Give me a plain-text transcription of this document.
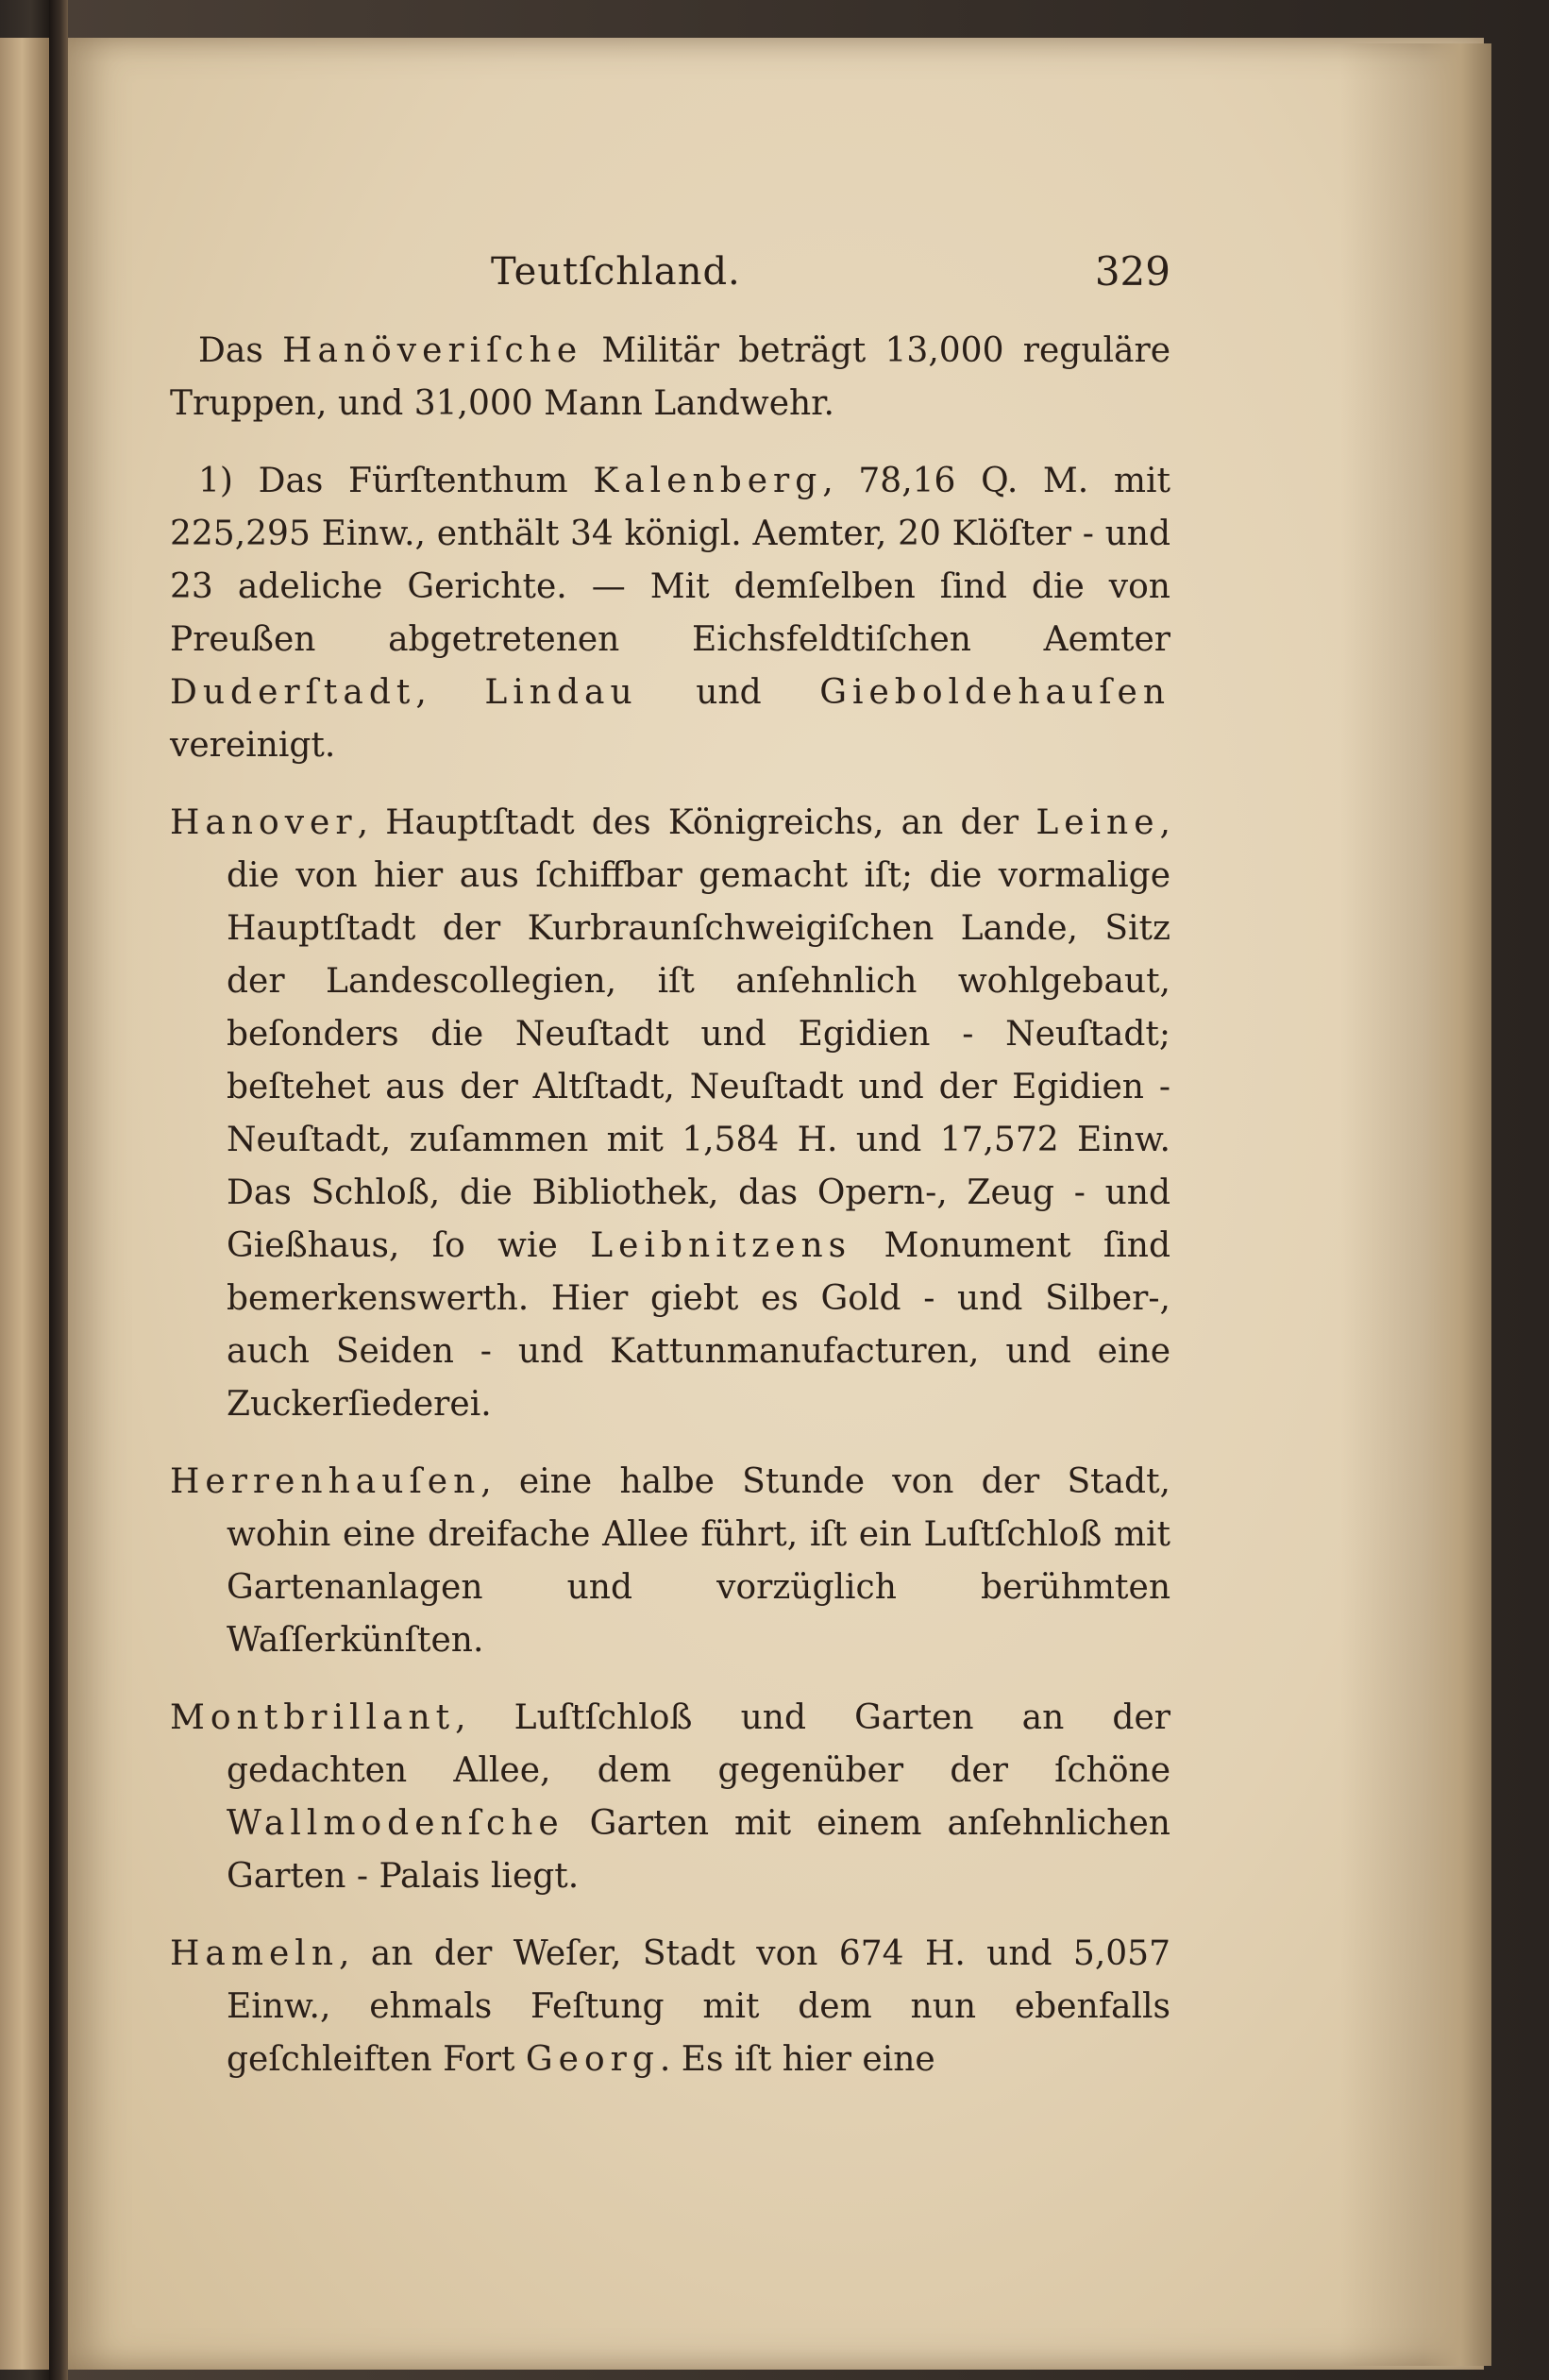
Teutſchland.	329

Das Hanöveriſche Militär beträgt 13,000 reguläre Truppen, und 31,000 Mann Landwehr.

1) Das Fürſtenthum Kalenberg, 78,16 Q. M. mit 225,295 Einw., enthält 34 königl. Aemter, 20 Klöſter - und 23 adeliche Gerichte. — Mit demſelben ſind die von Preußen abgetretenen Eichsfeldtiſchen Aemter Duderſtadt, Lindau und Gieboldehauſen vereinigt.

Hanover, Hauptſtadt des Königreichs, an der Leine, die von hier aus ſchiffbar gemacht iſt; die vormalige Hauptſtadt der Kurbraunſchweigiſchen Lande, Sitz der Landescollegien, iſt anſehnlich wohlgebaut, beſonders die Neuſtadt und Egidien - Neuſtadt; beſtehet aus der Altſtadt, Neuſtadt und der Egidien - Neuſtadt, zuſammen mit 1,584 H. und 17,572 Einw. Das Schloß, die Bibliothek, das Opern-, Zeug - und Gießhaus, ſo wie Leibnitzens Monument ſind bemerkenswerth. Hier giebt es Gold - und Silber-, auch Seiden - und Kattunmanufacturen, und eine Zuckerſiederei.

Herrenhauſen, eine halbe Stunde von der Stadt, wohin eine dreifache Allee führt, iſt ein Luſtſchloß mit Gartenanlagen und vorzüglich berühmten Waſſerkünſten.

Montbrillant, Luſtſchloß und Garten an der gedachten Allee, dem gegenüber der ſchöne Wallmodenſche Garten mit einem anſehnlichen Garten - Palais liegt.

Hameln, an der Weſer, Stadt von 674 H. und 5,057 Einw., ehmals Feſtung mit dem nun ebenfalls geſchleiften Fort Georg. Es iſt hier eine
